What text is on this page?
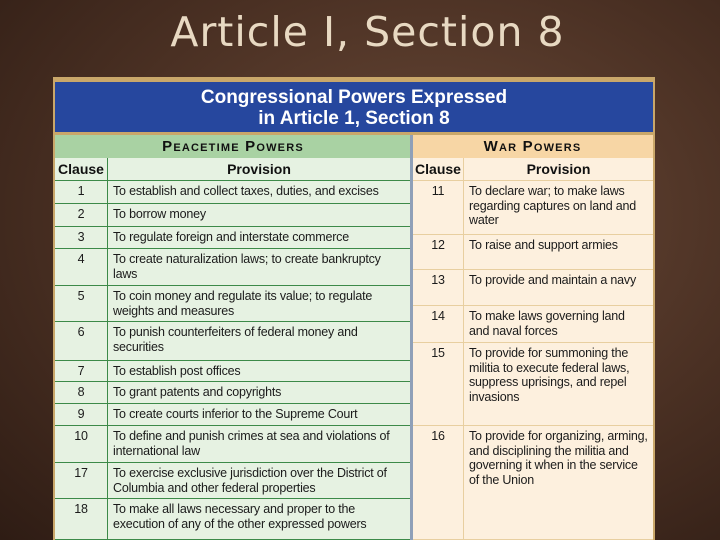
Article I, Section 8
Congressional Powers Expressed
in Article 1, Section 8
Peacetime Powers	War Powers
Clause	Provision	Clause	Provision
1	To establish and collect taxes, duties, and excises
2	To borrow money
3	To regulate foreign and interstate commerce
4	To create naturalization laws; to create bankruptcy laws
5	To coin money and regulate its value; to regulate weights and measures
6	To punish counterfeiters of federal money and securities
7	To establish post offices
8	To grant patents and copyrights
9	To create courts inferior to the Supreme Court
10	To define and punish crimes at sea and violations of international law
17	To exercise exclusive jurisdiction over the District of Columbia and other federal properties
18	To make all laws necessary and proper to the execution of any of the other expressed powers
11	To declare war; to make laws regarding captures on land and water
12	To raise and support armies
13	To provide and maintain a navy
14	To make laws governing land and naval forces
15	To provide for summoning the militia to execute federal laws, suppress uprisings, and repel invasions
16	To provide for organizing, arming, and disciplining the militia and governing it when in the service of the Union
